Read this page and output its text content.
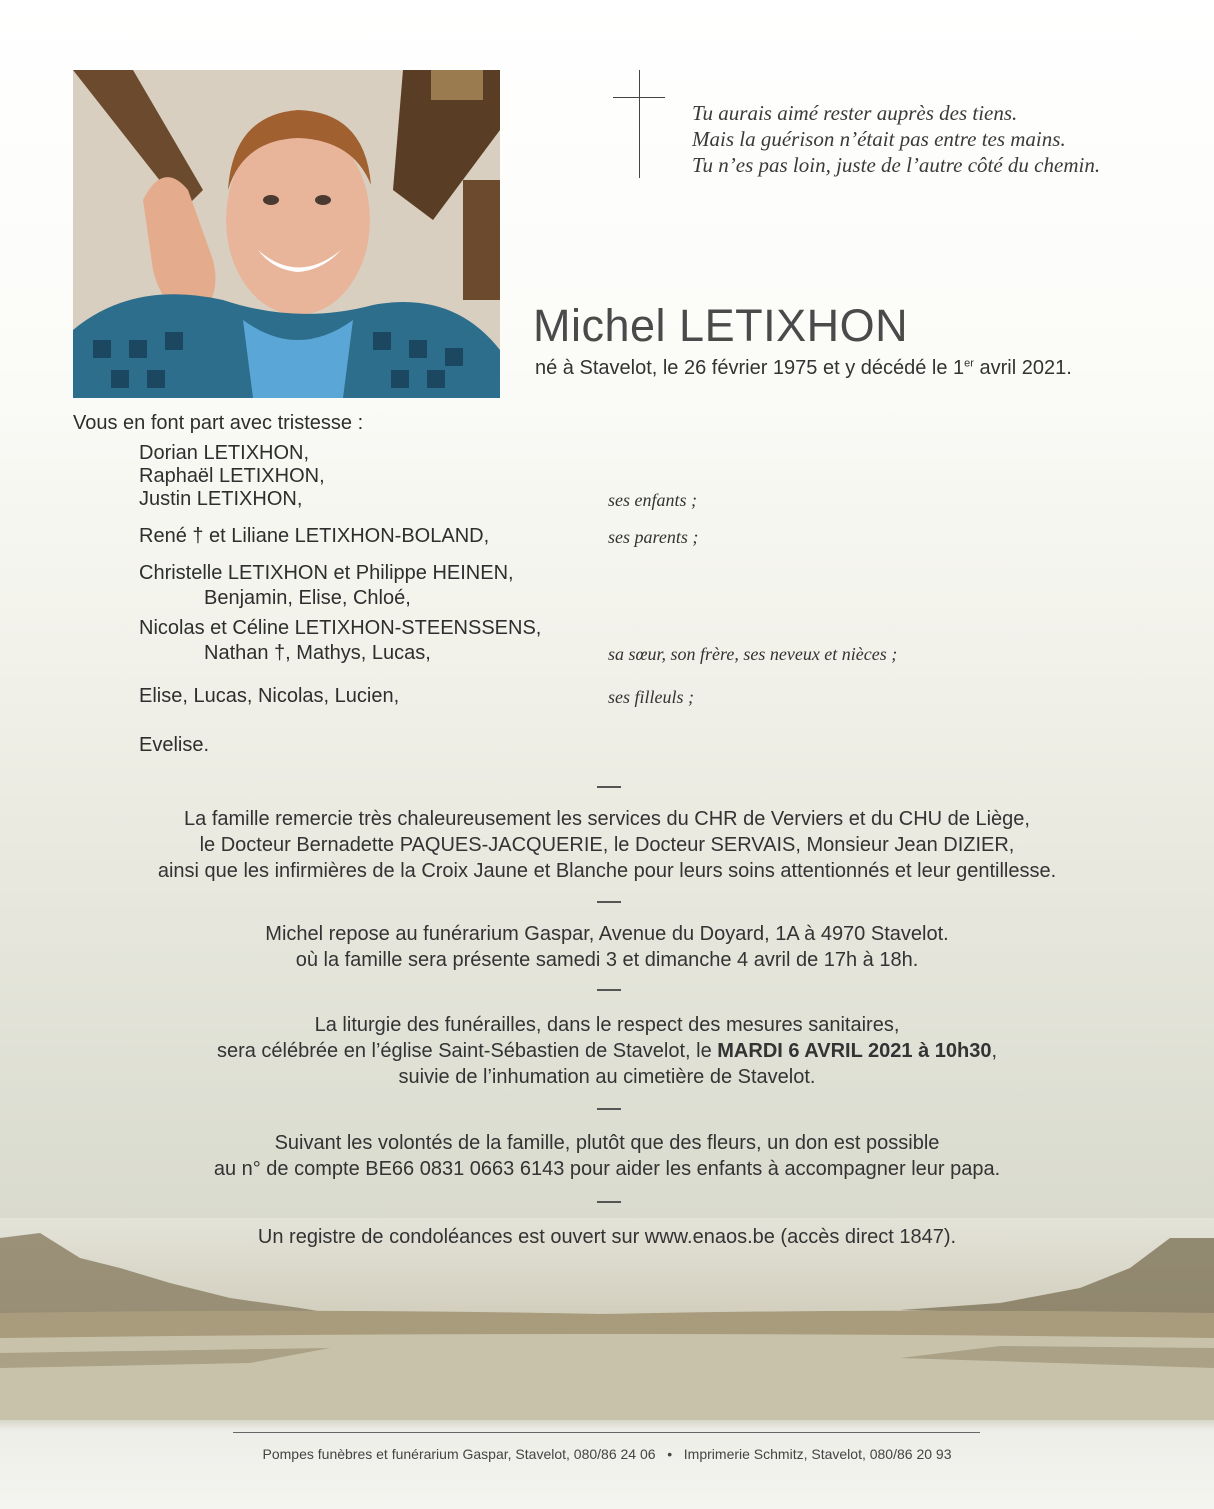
Tu aurais aimé rester auprès des tiens.
Mais la guérison n’était pas entre tes mains.
Tu n’es pas loin, juste de l’autre côté du chemin.
Michel LETIXHON
né à Stavelot, le 26 février 1975 et y décédé le 1er avril 2021.
Vous en font part avec tristesse :
Dorian LETIXHON,
Raphaël LETIXHON,
Justin LETIXHON,	ses enfants ;
René † et Liliane LETIXHON-BOLAND,	ses parents ;
Christelle LETIXHON et Philippe HEINEN,
Benjamin, Elise, Chloé,
Nicolas et Céline LETIXHON-STEENSSENS,
Nathan †, Mathys, Lucas,	sa sœur, son frère, ses neveux et nièces ;
Elise, Lucas, Nicolas, Lucien,	ses filleuls ;
Evelise.
La famille remercie très chaleureusement les services du CHR de Verviers et du CHU de Liège,
le Docteur Bernadette PAQUES-JACQUERIE, le Docteur SERVAIS, Monsieur Jean DIZIER,
ainsi que les infirmières de la Croix Jaune et Blanche pour leurs soins attentionnés et leur gentillesse.
Michel repose au funérarium Gaspar, Avenue du Doyard, 1A à 4970 Stavelot.
où la famille sera présente samedi 3 et dimanche 4 avril de 17h à 18h.
La liturgie des funérailles, dans le respect des mesures sanitaires,
sera célébrée en l’église Saint-Sébastien de Stavelot, le MARDI 6 AVRIL 2021 à 10h30,
suivie de l’inhumation au cimetière de Stavelot.
Suivant les volontés de la famille, plutôt que des fleurs, un don est possible
au n° de compte BE66 0831 0663 6143 pour aider les enfants à accompagner leur papa.
Un registre de condoléances est ouvert sur www.enaos.be (accès direct 1847).
Pompes funèbres et funérarium Gaspar, Stavelot, 080/86 24 06 • Imprimerie Schmitz, Stavelot, 080/86 20 93
